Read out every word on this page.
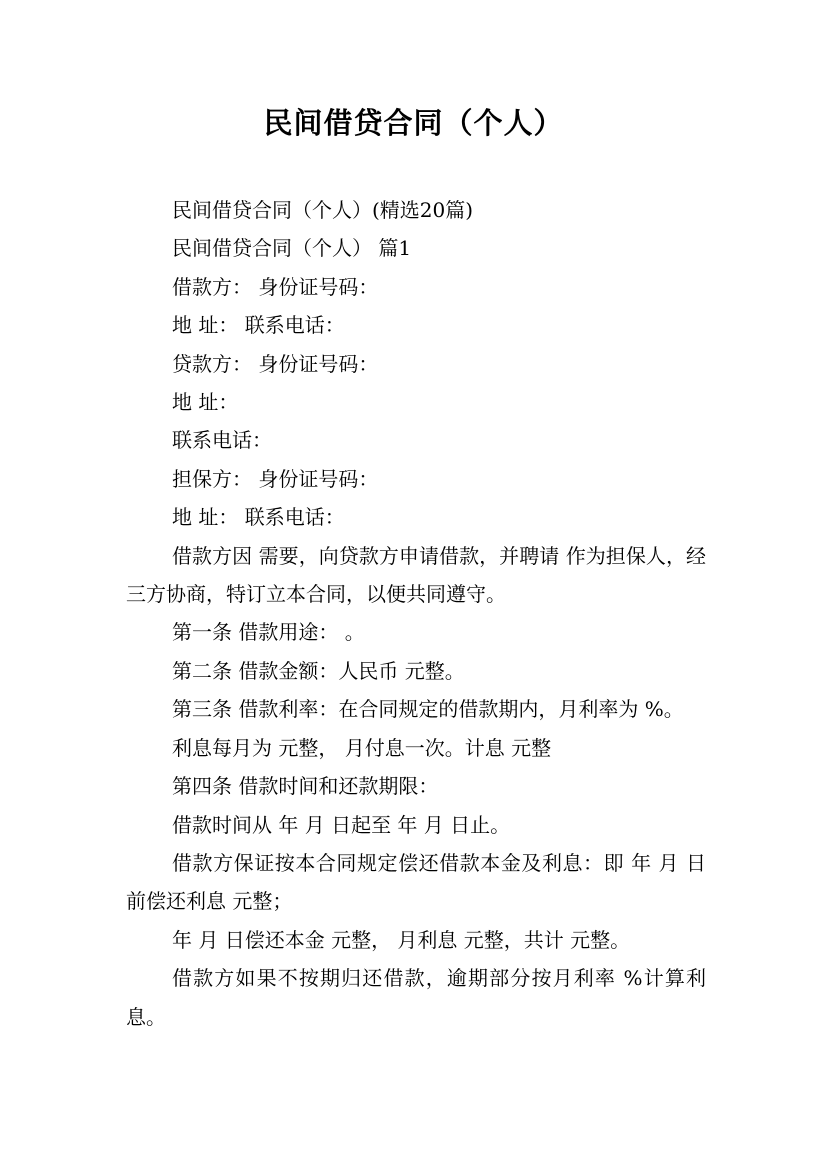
民间借贷合同（个人）

民间借贷合同（个人）(精选20篇)

民间借贷合同（个人） 篇1

借款方： 身份证号码：

地 址： 联系电话：

贷款方： 身份证号码：

地 址：

联系电话：

担保方： 身份证号码：

地 址： 联系电话：

借款方因 需要，向贷款方申请借款，并聘请 作为担保人，经三方协商，特订立本合同，以便共同遵守。

第一条 借款用途： 。

第二条 借款金额：人民币 元整。

第三条 借款利率：在合同规定的借款期内，月利率为 %。

利息每月为 元整， 月付息一次。计息 元整

第四条 借款时间和还款期限：

借款时间从 年 月 日起至 年 月 日止。

借款方保证按本合同规定偿还借款本金及利息：即 年 月 日前偿还利息 元整；

年 月 日偿还本金 元整， 月利息 元整，共计 元整。

借款方如果不按期归还借款，逾期部分按月利率 %计算利息。
